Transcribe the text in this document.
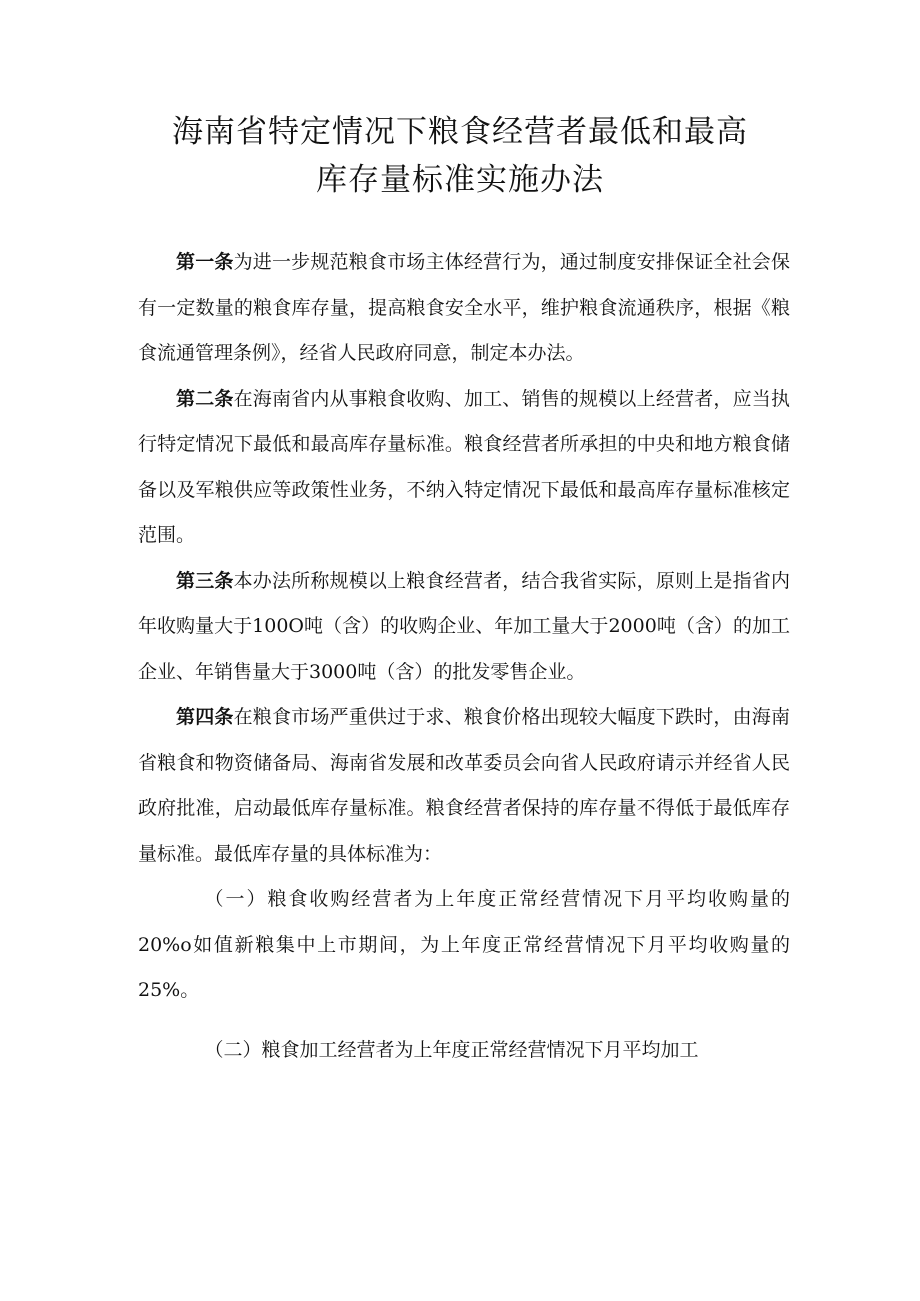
海南省特定情况下粮食经营者最低和最高
库存量标准实施办法

第一条为进一步规范粮食市场主体经营行为，通过制度安排保证全社会保有一定数量的粮食库存量，提高粮食安全水平，维护粮食流通秩序，根据《粮食流通管理条例》，经省人民政府同意，制定本办法。

第二条在海南省内从事粮食收购、加工、销售的规模以上经营者，应当执行特定情况下最低和最高库存量标准。粮食经营者所承担的中央和地方粮食储备以及军粮供应等政策性业务，不纳入特定情况下最低和最高库存量标准核定范围。

第三条本办法所称规模以上粮食经营者，结合我省实际，原则上是指省内年收购量大于100O吨（含）的收购企业、年加工量大于2000吨（含）的加工企业、年销售量大于3000吨（含）的批发零售企业。

第四条在粮食市场严重供过于求、粮食价格出现较大幅度下跌时，由海南省粮食和物资储备局、海南省发展和改革委员会向省人民政府请示并经省人民政府批准，启动最低库存量标准。粮食经营者保持的库存量不得低于最低库存量标准。最低库存量的具体标准为：

（一）粮食收购经营者为上年度正常经营情况下月平均收购量的20%o如值新粮集中上市期间，为上年度正常经营情况下月平均收购量的25%。

（二）粮食加工经营者为上年度正常经营情况下月平均加工
